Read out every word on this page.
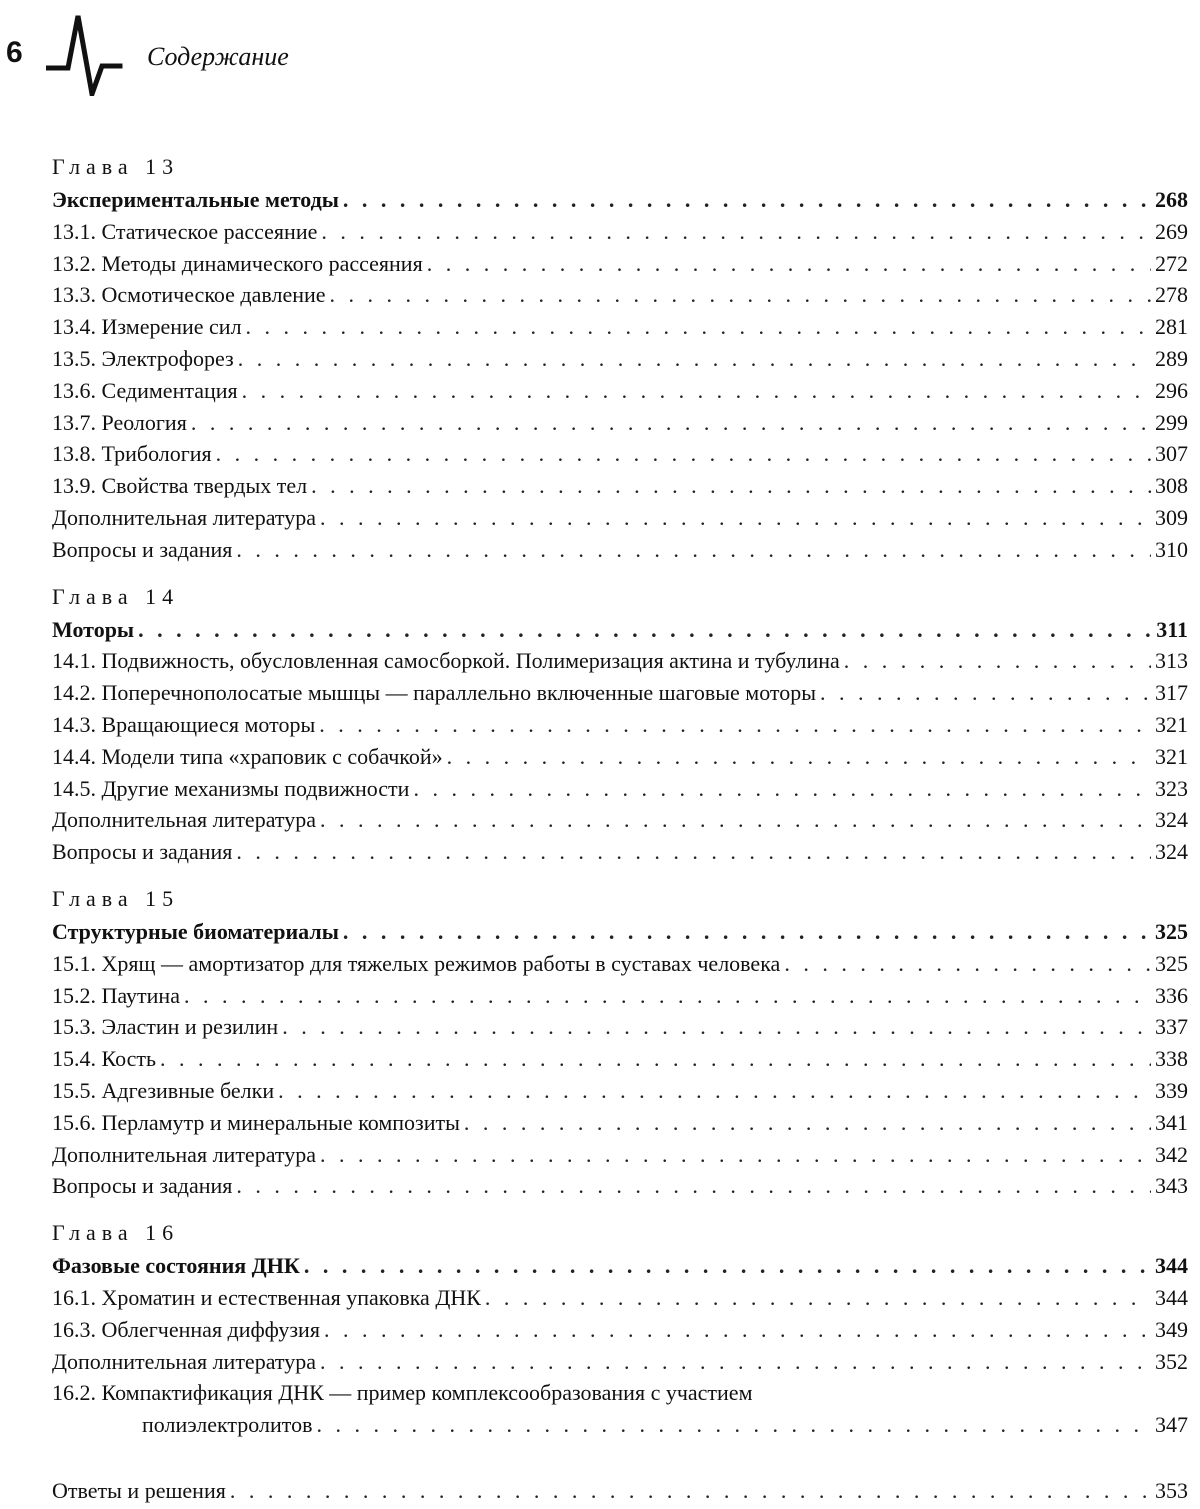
6	Содержание
Глава 13
Экспериментальные методы . . .	268
13.1. Статическое рассеяние . . .	269
13.2. Методы динамического рассеяния . . .	272
13.3. Осмотическое давление . . .	278
13.4. Измерение сил . . .	281
13.5. Электрофорез . . .	289
13.6. Седиментация . . .	296
13.7. Реология . . .	299
13.8. Трибология . . .	307
13.9. Свойства твердых тел . . .	308
Дополнительная литература . . .	309
Вопросы и задания . . .	310
Глава 14
Моторы . . .	311
14.1. Подвижность, обусловленная самосборкой. Полимеризация актина и тубулина . . .	313
14.2. Поперечнополосатые мышцы — параллельно включенные шаговые моторы . . .	317
14.3. Вращающиеся моторы . . .	321
14.4. Модели типа «храповик с собачкой» . . .	321
14.5. Другие механизмы подвижности . . .	323
Дополнительная литература . . .	324
Вопросы и задания . . .	324
Глава 15
Структурные биоматериалы . . .	325
15.1. Хрящ — амортизатор для тяжелых режимов работы в суставах человека . . .	325
15.2. Паутина . . .	336
15.3. Эластин и резилин . . .	337
15.4. Кость . . .	338
15.5. Адгезивные белки . . .	339
15.6. Перламутр и минеральные композиты . . .	341
Дополнительная литература . . .	342
Вопросы и задания . . .	343
Глава 16
Фазовые состояния ДНК . . .	344
16.1. Хроматин и естественная упаковка ДНК . . .	344
16.3. Облегченная диффузия . . .	349
Дополнительная литература . . .	352
16.2. Компактификация ДНК — пример комплексообразования с участием
полиэлектролитов . . .	347
Ответы и решения . . .	353
